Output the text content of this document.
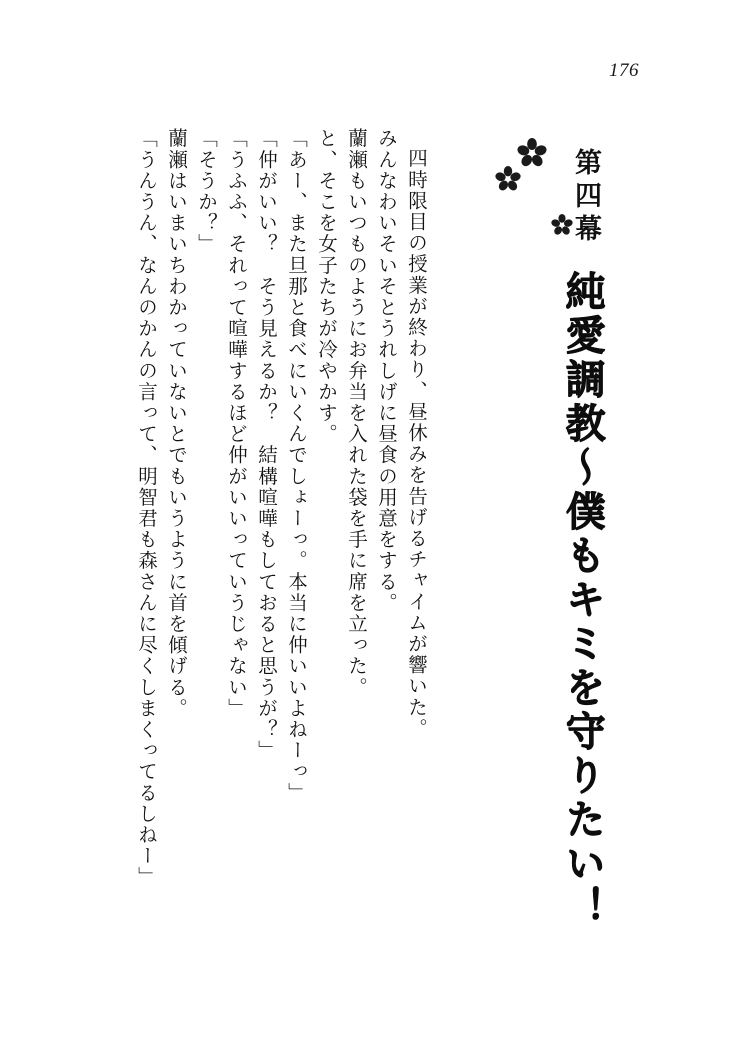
176
第四幕
純愛調教～僕もキミを守りたい！
四時限目の授業が終わり、昼休みを告げるチャイムが響いた。
みんなわいそいそとうれしげに昼食の用意をする。
蘭瀬もいつものようにお弁当を入れた袋を手に席を立った。
と、そこを女子たちが冷やかす。
「あー、また旦那と食べにいくんでしょーっ。本当に仲いいよねーっ」
「仲がいい？　そう見えるか？　結構喧嘩もしておると思うが？」
「うふふ、それって喧嘩するほど仲がいいっていうじゃない」
「そうか？」
蘭瀬はいまいちわかっていないとでもいうように首を傾げる。
「うんうん、なんのかんの言って、明智君も森さんに尽くしまくってるしねー」
